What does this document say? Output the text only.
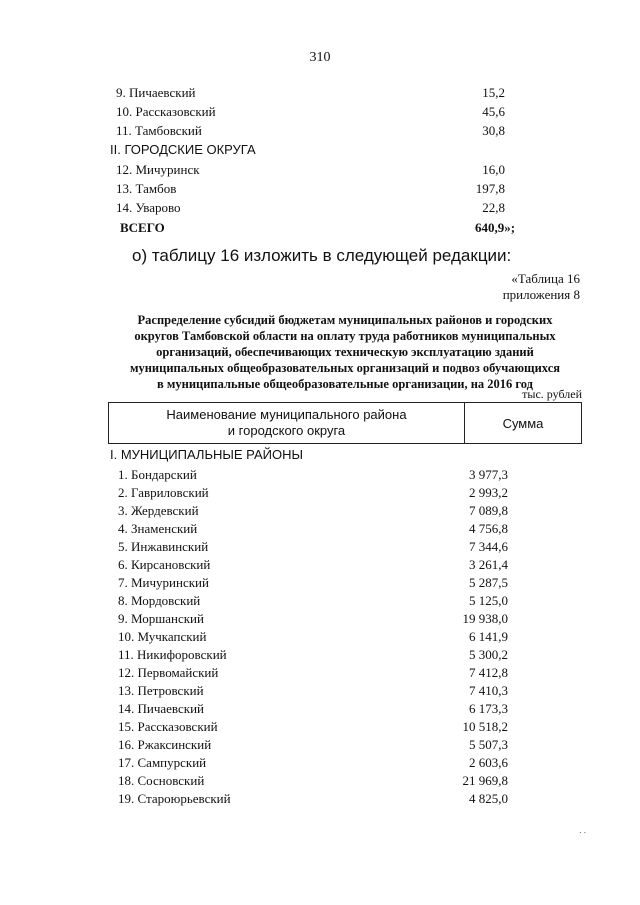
310
9. Пичаевский	15,2
10. Рассказовский	45,6
11. Тамбовский	30,8
II. ГОРОДСКИЕ ОКРУГА
12. Мичуринск	16,0
13. Тамбов	197,8
14. Уварово	22,8
ВСЕГО	640,9»;
о) таблицу 16 изложить в следующей редакции:
«Таблица 16
приложения 8
Распределение субсидий бюджетам муниципальных районов и городских
округов Тамбовской области на оплату труда работников муниципальных
организаций, обеспечивающих техническую эксплуатацию зданий
муниципальных общеобразовательных организаций и подвоз обучающихся
в муниципальные общеобразовательные организации, на 2016 год
тыс. рублей
Наименование муниципального района
и городского округа	Сумма
I. МУНИЦИПАЛЬНЫЕ РАЙОНЫ
1. Бондарский	3 977,3
2. Гавриловский	2 993,2
3. Жердевский	7 089,8
4. Знаменский	4 756,8
5. Инжавинский	7 344,6
6. Кирсановский	3 261,4
7. Мичуринский	5 287,5
8. Мордовский	5 125,0
9. Моршанский	19 938,0
10. Мучкапский	6 141,9
11. Никифоровский	5 300,2
12. Первомайский	7 412,8
13. Петровский	7 410,3
14. Пичаевский	6 173,3
15. Рассказовский	10 518,2
16. Ржаксинский	5 507,3
17. Сампурский	2 603,6
18. Сосновский	21 969,8
19. Староюрьевский	4 825,0
. .
